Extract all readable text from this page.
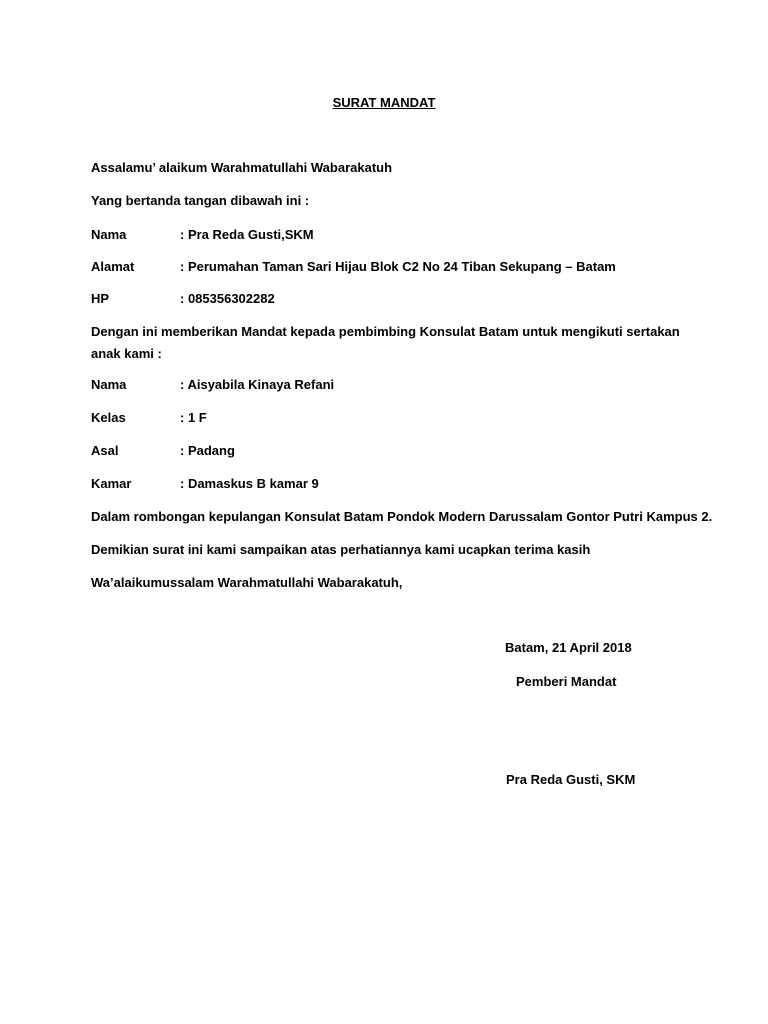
SURAT MANDAT
Assalamu’ alaikum Warahmatullahi Wabarakatuh
Yang bertanda tangan dibawah ini :
Nama	: Pra Reda Gusti,SKM
Alamat	: Perumahan Taman Sari Hijau Blok C2 No 24 Tiban Sekupang – Batam
HP	: 085356302282
Dengan ini memberikan Mandat kepada pembimbing Konsulat Batam untuk mengikuti sertakan anak kami :
Nama	: Aisyabila Kinaya Refani
Kelas	: 1 F
Asal	: Padang
Kamar	: Damaskus B kamar 9
Dalam rombongan kepulangan Konsulat Batam Pondok Modern Darussalam Gontor Putri Kampus 2.
Demikian surat ini kami sampaikan atas perhatiannya kami ucapkan terima kasih
Wa’alaikumussalam Warahmatullahi Wabarakatuh,
Batam, 21 April 2018
Pemberi Mandat
Pra Reda Gusti, SKM
